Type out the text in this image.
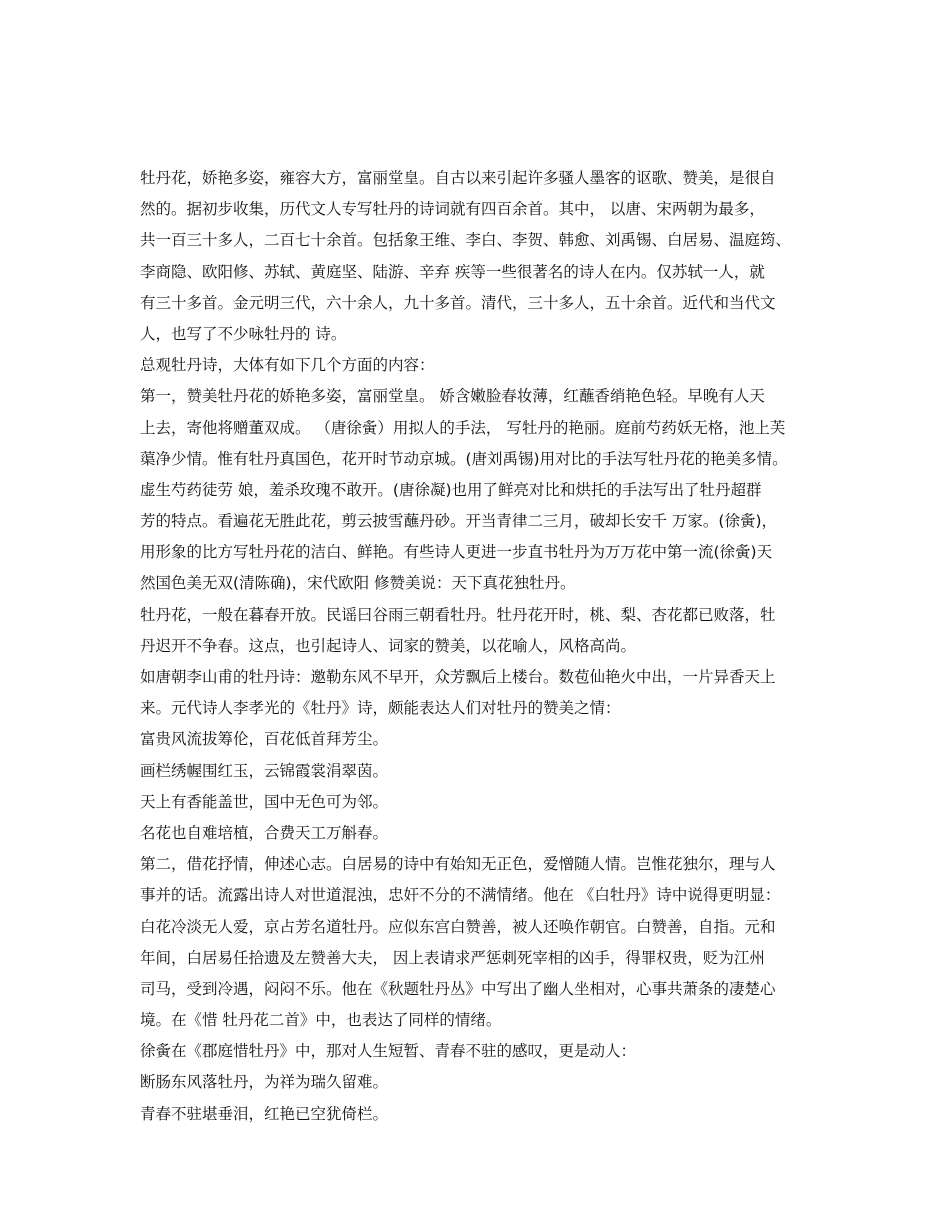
牡丹花，娇艳多姿，雍容大方，富丽堂皇。自古以来引起许多骚人墨客的讴歌、赞美，是很自
然的。据初步收集，历代文人专写牡丹的诗词就有四百余首。其中， 以唐、宋两朝为最多，
共一百三十多人，二百七十余首。包括象王维、李白、李贺、韩愈、刘禹锡、白居易、温庭筠、
李商隐、欧阳修、苏轼、黄庭坚、陆游、辛弃 疾等一些很著名的诗人在内。仅苏轼一人，就
有三十多首。金元明三代，六十余人，九十多首。清代，三十多人，五十余首。近代和当代文
人，也写了不少咏牡丹的 诗。
总观牡丹诗，大体有如下几个方面的内容：
第一，赞美牡丹花的娇艳多姿，富丽堂皇。 娇含嫩脸春妆薄，红蘸香绡艳色轻。早晚有人天
上去，寄他将赠董双成。 （唐徐夤）用拟人的手法， 写牡丹的艳丽。庭前芍药妖无格，池上芙
蕖净少情。惟有牡丹真国色，花开时节动京城。(唐刘禹锡)用对比的手法写牡丹花的艳美多情。
虚生芍药徒劳 娘，羞杀玫瑰不敢开。(唐徐凝)也用了鲜亮对比和烘托的手法写出了牡丹超群
芳的特点。看遍花无胜此花，剪云披雪蘸丹砂。开当青律二三月，破却长安千 万家。(徐夤)，
用形象的比方写牡丹花的洁白、鲜艳。有些诗人更进一步直书牡丹为万万花中第一流(徐夤)天
然国色美无双(清陈确)，宋代欧阳 修赞美说：天下真花独牡丹。
牡丹花，一般在暮春开放。民谣曰谷雨三朝看牡丹。牡丹花开时，桃、梨、杏花都已败落，牡
丹迟开不争春。这点，也引起诗人、词家的赞美，以花喻人，风格高尚。
如唐朝李山甫的牡丹诗：邀勒东风不早开，众芳飘后上楼台。数苞仙艳火中出，一片异香天上
来。元代诗人李孝光的《牡丹》诗，颇能表达人们对牡丹的赞美之情：
富贵风流拔筹伦，百花低首拜芳尘。
画栏绣幄围红玉，云锦霞裳涓翠茵。
天上有香能盖世，国中无色可为邻。
名花也自难培植，合费天工万斛春。
第二，借花抒情，伸述心志。白居易的诗中有始知无正色，爱憎随人情。岂惟花独尔，理与人
事并的话。流露出诗人对世道混浊，忠奸不分的不满情绪。他在 《白牡丹》诗中说得更明显：
白花冷淡无人爱，京占芳名道牡丹。应似东宫白赞善，被人还唤作朝官。白赞善，自指。元和
年间，白居易任拾遗及左赞善大夫， 因上表请求严惩刺死宰相的凶手，得罪权贵，贬为江州
司马，受到冷遇，闷闷不乐。他在《秋题牡丹丛》中写出了幽人坐相对，心事共萧条的凄楚心
境。在《惜 牡丹花二首》中，也表达了同样的情绪。
徐夤在《郡庭惜牡丹》中，那对人生短暂、青春不驻的感叹，更是动人：
断肠东风落牡丹，为祥为瑞久留难。
青春不驻堪垂泪，红艳已空犹倚栏。
